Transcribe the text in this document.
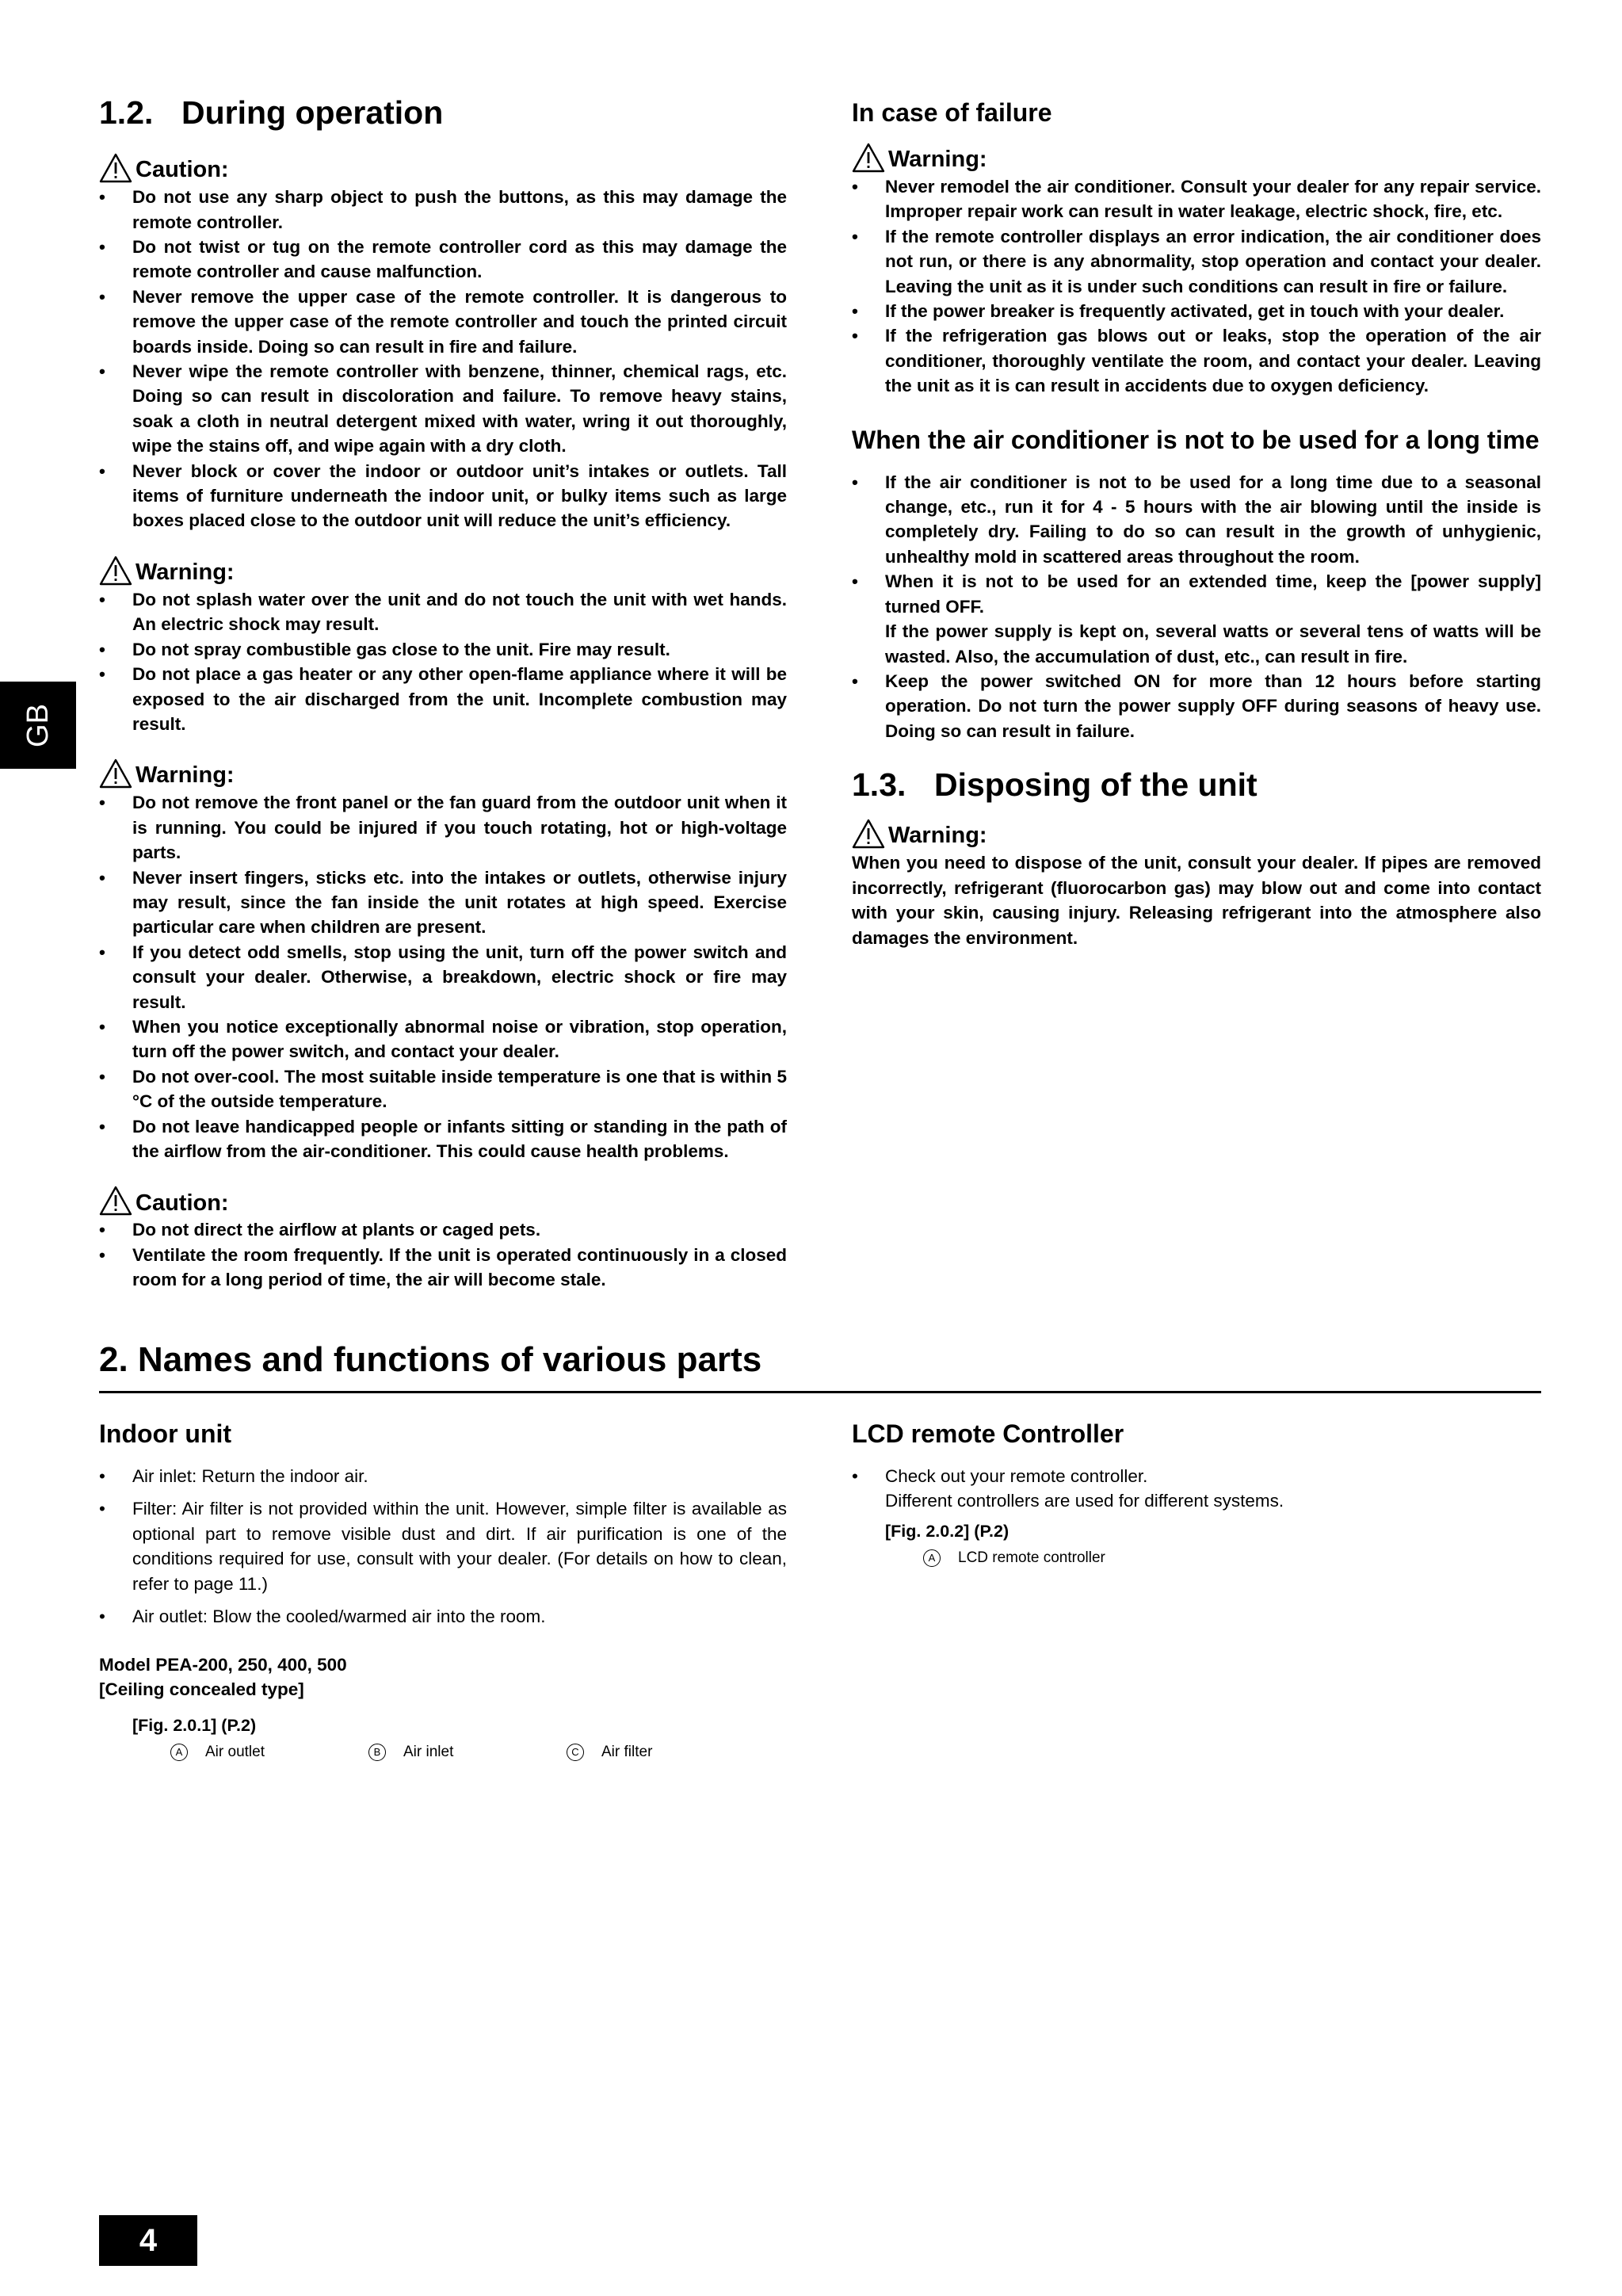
GB
1.2. During operation
Caution:
• Do not use any sharp object to push the buttons, as this may damage the remote controller.
• Do not twist or tug on the remote controller cord as this may damage the remote controller and cause malfunction.
• Never remove the upper case of the remote controller. It is dangerous to remove the upper case of the remote controller and touch the printed circuit boards inside. Doing so can result in fire and failure.
• Never wipe the remote controller with benzene, thinner, chemical rags, etc. Doing so can result in discoloration and failure. To remove heavy stains, soak a cloth in neutral detergent mixed with water, wring it out thoroughly, wipe the stains off, and wipe again with a dry cloth.
• Never block or cover the indoor or outdoor unit’s intakes or outlets. Tall items of furniture underneath the indoor unit, or bulky items such as large boxes placed close to the outdoor unit will reduce the unit’s efficiency.
Warning:
• Do not splash water over the unit and do not touch the unit with wet hands. An electric shock may result.
• Do not spray combustible gas close to the unit. Fire may result.
• Do not place a gas heater or any other open-flame appliance where it will be exposed to the air discharged from the unit. Incomplete combustion may result.
Warning:
• Do not remove the front panel or the fan guard from the outdoor unit when it is running. You could be injured if you touch rotating, hot or high-voltage parts.
• Never insert fingers, sticks etc. into the intakes or outlets, otherwise injury may result, since the fan inside the unit rotates at high speed. Exercise particular care when children are present.
• If you detect odd smells, stop using the unit, turn off the power switch and consult your dealer. Otherwise, a breakdown, electric shock or fire may result.
• When you notice exceptionally abnormal noise or vibration, stop operation, turn off the power switch, and contact your dealer.
• Do not over-cool. The most suitable inside temperature is one that is within 5 °C of the outside temperature.
• Do not leave handicapped people or infants sitting or standing in the path of the airflow from the air-conditioner. This could cause health problems.
Caution:
• Do not direct the airflow at plants or caged pets.
• Ventilate the room frequently. If the unit is operated continuously in a closed room for a long period of time, the air will become stale.
In case of failure
Warning:
• Never remodel the air conditioner. Consult your dealer for any repair service. Improper repair work can result in water leakage, electric shock, fire, etc.
• If the remote controller displays an error indication, the air conditioner does not run, or there is any abnormality, stop operation and contact your dealer. Leaving the unit as it is under such conditions can result in fire or failure.
• If the power breaker is frequently activated, get in touch with your dealer.
• If the refrigeration gas blows out or leaks, stop the operation of the air conditioner, thoroughly ventilate the room, and contact your dealer. Leaving the unit as it is can result in accidents due to oxygen deficiency.
When the air conditioner is not to be used for a long time
• If the air conditioner is not to be used for a long time due to a seasonal change, etc., run it for 4 - 5 hours with the air blowing until the inside is completely dry. Failing to do so can result in the growth of unhygienic, unhealthy mold in scattered areas throughout the room.
• When it is not to be used for an extended time, keep the [power supply] turned OFF.
If the power supply is kept on, several watts or several tens of watts will be wasted. Also, the accumulation of dust, etc., can result in fire.
• Keep the power switched ON for more than 12 hours before starting operation. Do not turn the power supply OFF during seasons of heavy use. Doing so can result in failure.
1.3. Disposing of the unit
Warning:

When you need to dispose of the unit, consult your dealer. If pipes are removed incorrectly, refrigerant (fluorocarbon gas) may blow out and come into contact with your skin, causing injury. Releasing refrigerant into the atmosphere also damages the environment.

2. Names and functions of various parts
Indoor unit
• Air inlet: Return the indoor air.
• Filter: Air filter is not provided within the unit. However, simple filter is available as optional part to remove visible dust and dirt. If air purification is one of the conditions required for use, consult with your dealer. (For details on how to clean, refer to page 11.)
• Air outlet: Blow the cooled/warmed air into the room.
Model PEA-200, 250, 400, 500
[Ceiling concealed type]
[Fig. 2.0.1] (P.2)
A	Air outlet	B	Air inlet	C	Air filter
LCD remote Controller
• Check out your remote controller.
Different controllers are used for different systems.
[Fig. 2.0.2] (P.2)
A	LCD remote controller
4
